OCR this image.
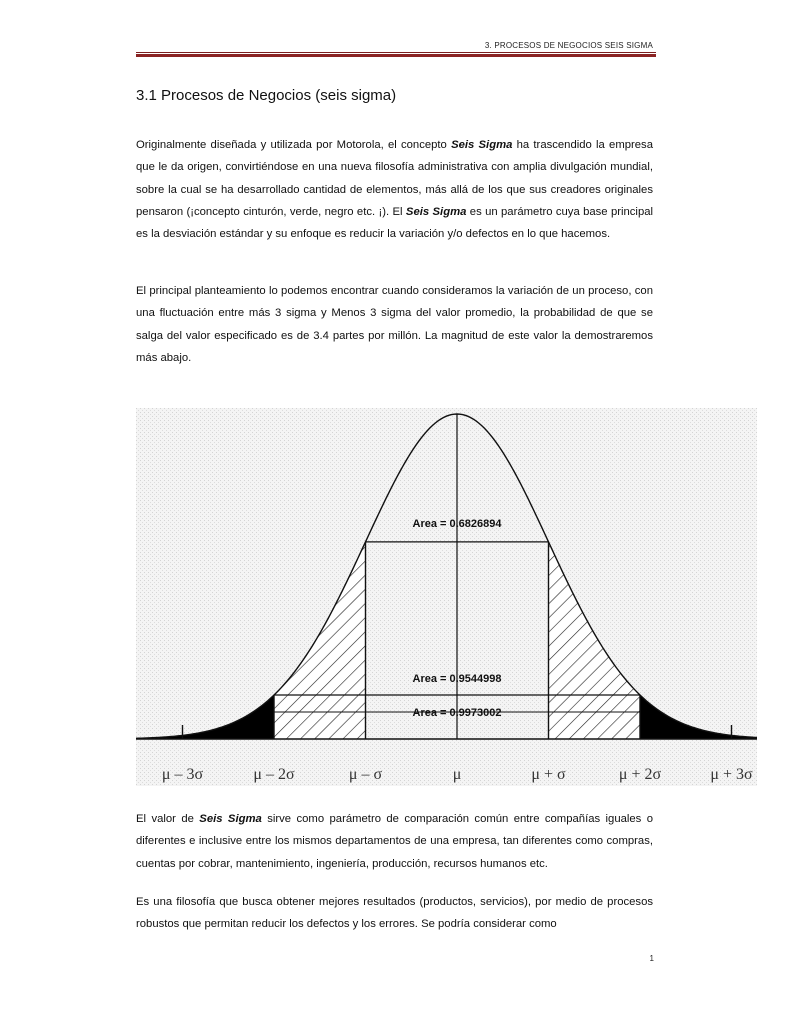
3. PROCESOS DE NEGOCIOS SEIS SIGMA
3.1 Procesos de Negocios (seis sigma)

Originalmente diseñada y utilizada por Motorola, el concepto Seis Sigma ha trascendido la empresa que le da origen, convirtiéndose en una nueva filosofía administrativa con amplia divulgación mundial, sobre la cual se ha desarrollado cantidad de elementos, más allá de los que sus creadores originales pensaron (¡concepto cinturón, verde, negro etc. ¡). El Seis Sigma es un parámetro cuya base principal es la desviación estándar y su enfoque es reducir la variación y/o defectos en lo que hacemos.

El principal planteamiento lo podemos encontrar cuando consideramos la variación de un proceso, con una fluctuación entre más 3 sigma y Menos 3 sigma del valor promedio, la probabilidad de que se salga del valor especificado es de 3.4 partes por millón. La magnitud de este valor la demostraremos más abajo.

Area = 0.6826894
Area = 0.9544998
Area = 0.9973002
μ – 3σ	μ – 2σ	μ – σ	μ	μ + σ	μ + 2σ	μ + 3σ

El valor de Seis Sigma sirve como parámetro de comparación común entre compañías iguales o diferentes e inclusive entre los mismos departamentos de una empresa, tan diferentes como compras, cuentas por cobrar, mantenimiento, ingeniería, producción, recursos humanos etc.

Es una filosofía que busca obtener mejores resultados (productos, servicios), por medio de procesos robustos que permitan reducir los defectos y los errores. Se podría considerar como

1
